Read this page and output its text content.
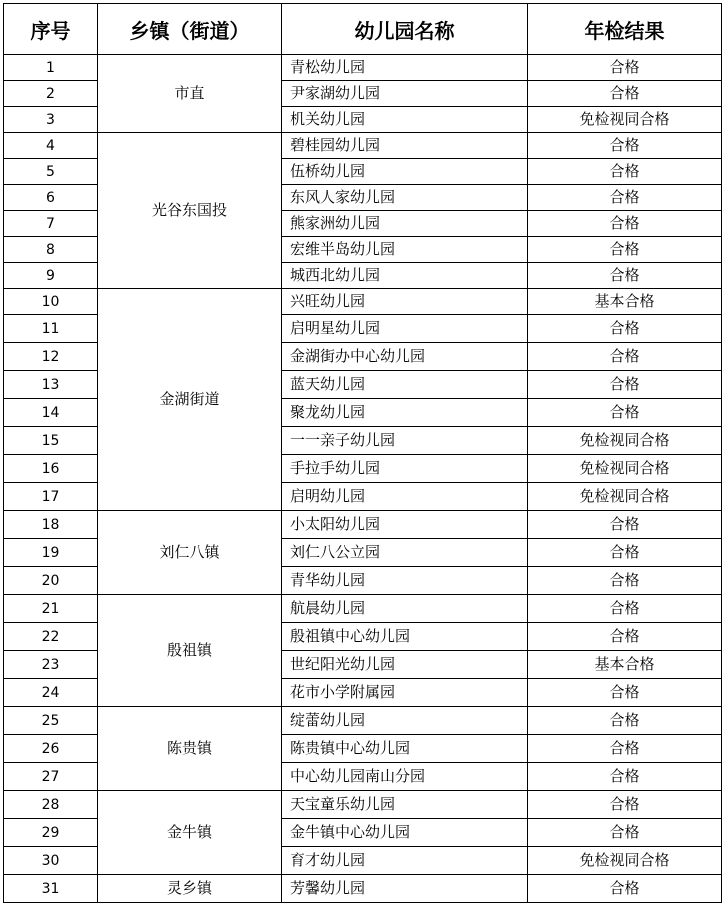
序号	乡镇（街道）	幼儿园名称	年检结果
1	市直	青松幼儿园	合格
2		尹家湖幼儿园	合格
3		机关幼儿园	免检视同合格
4	光谷东国投	碧桂园幼儿园	合格
5		伍桥幼儿园	合格
6		东风人家幼儿园	合格
7		熊家洲幼儿园	合格
8		宏维半岛幼儿园	合格
9		城西北幼儿园	合格
10	金湖街道	兴旺幼儿园	基本合格
11		启明星幼儿园	合格
12		金湖街办中心幼儿园	合格
13		蓝天幼儿园	合格
14		聚龙幼儿园	合格
15		一一亲子幼儿园	免检视同合格
16		手拉手幼儿园	免检视同合格
17		启明幼儿园	免检视同合格
18	刘仁八镇	小太阳幼儿园	合格
19		刘仁八公立园	合格
20		青华幼儿园	合格
21	殷祖镇	航晨幼儿园	合格
22		殷祖镇中心幼儿园	合格
23		世纪阳光幼儿园	基本合格
24		花市小学附属园	合格
25	陈贵镇	绽蕾幼儿园	合格
26		陈贵镇中心幼儿园	合格
27		中心幼儿园南山分园	合格
28	金牛镇	天宝童乐幼儿园	合格
29		金牛镇中心幼儿园	合格
30		育才幼儿园	免检视同合格
31	灵乡镇	芳馨幼儿园	合格
